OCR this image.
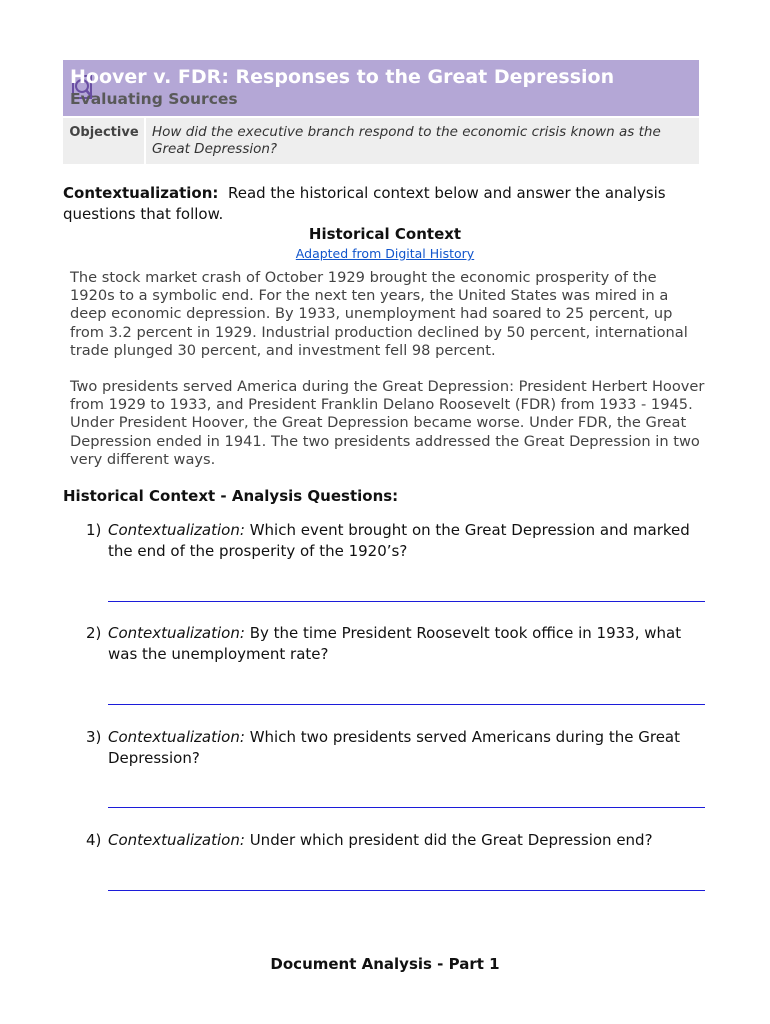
Hoover v. FDR: Responses to the Great Depression
Evaluating Sources
Objective How did the executive branch respond to the economic crisis known as the Great Depression?
Contextualization: Read the historical context below and answer the analysis questions that follow.
Historical Context
Adapted from Digital History
The stock market crash of October 1929 brought the economic prosperity of the 1920s to a symbolic end. For the next ten years, the United States was mired in a deep economic depression. By 1933, unemployment had soared to 25 percent, up from 3.2 percent in 1929. Industrial production declined by 50 percent, international trade plunged 30 percent, and investment fell 98 percent.
Two presidents served America during the Great Depression: President Herbert Hoover from 1929 to 1933, and President Franklin Delano Roosevelt (FDR) from 1933 - 1945. Under President Hoover, the Great Depression became worse. Under FDR, the Great Depression ended in 1941. The two presidents addressed the Great Depression in two very different ways.
Historical Context - Analysis Questions:
1) Contextualization: Which event brought on the Great Depression and marked the end of the prosperity of the 1920’s?
2) Contextualization: By the time President Roosevelt took office in 1933, what was the unemployment rate?
3) Contextualization: Which two presidents served Americans during the Great Depression?
4) Contextualization: Under which president did the Great Depression end?
Document Analysis - Part 1
